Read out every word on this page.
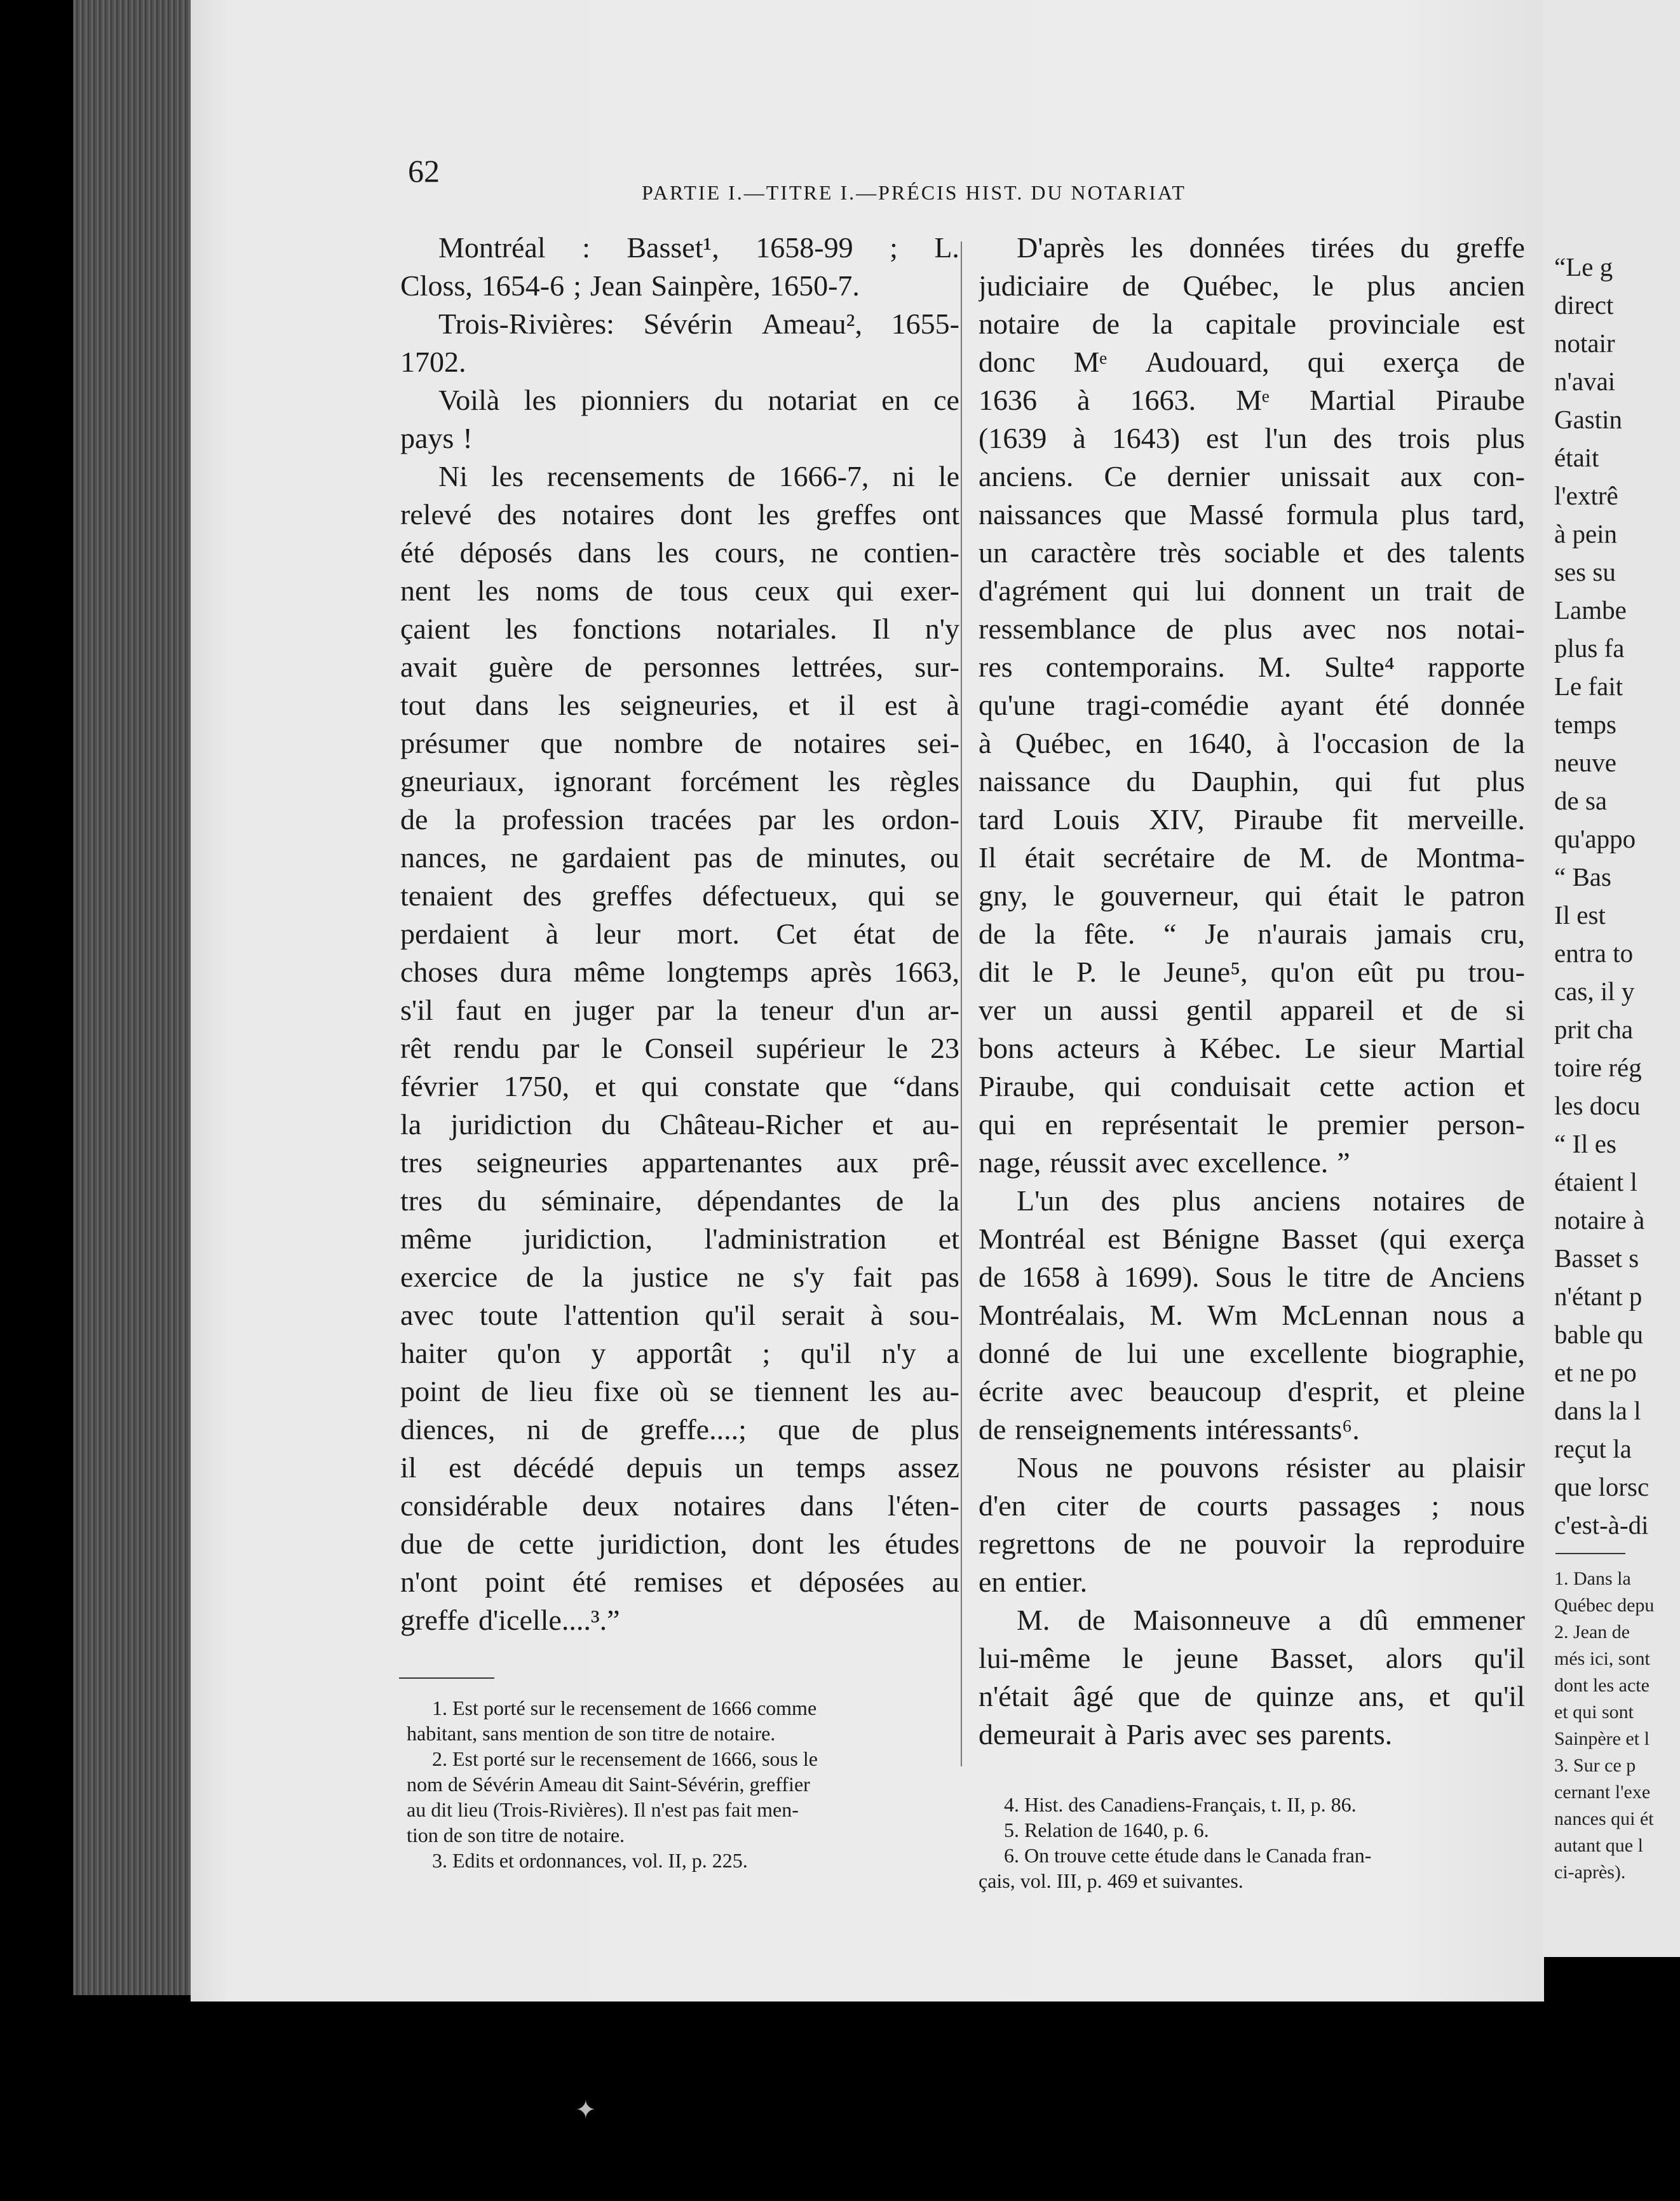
62
PARTIE I.—TITRE I.—PRÉCIS HIST. DU NOTARIAT
Montréal : Basset¹, 1658-99 ; L.
Closs, 1654-6 ; Jean Sainpère, 1650-7.
Trois-Rivières: Sévérin Ameau², 1655-
1702.
Voilà les pionniers du notariat en ce
pays !
Ni les recensements de 1666-7, ni le
relevé des notaires dont les greffes ont
été déposés dans les cours, ne contien-
nent les noms de tous ceux qui exer-
çaient les fonctions notariales. Il n'y
avait guère de personnes lettrées, sur-
tout dans les seigneuries, et il est à
présumer que nombre de notaires sei-
gneuriaux, ignorant forcément les règles
de la profession tracées par les ordon-
nances, ne gardaient pas de minutes, ou
tenaient des greffes défectueux, qui se
perdaient à leur mort. Cet état de
choses dura même longtemps après 1663,
s'il faut en juger par la teneur d'un ar-
rêt rendu par le Conseil supérieur le 23
février 1750, et qui constate que “dans
la juridiction du Château-Richer et au-
tres seigneuries appartenantes aux prê-
tres du séminaire, dépendantes de la
même juridiction, l'administration et
exercice de la justice ne s'y fait pas
avec toute l'attention qu'il serait à sou-
haiter qu'on y apportât ; qu'il n'y a
point de lieu fixe où se tiennent les au-
diences, ni de greffe....; que de plus
il est décédé depuis un temps assez
considérable deux notaires dans l'éten-
due de cette juridiction, dont les études
n'ont point été remises et déposées au
greffe d'icelle....³.”
D'après les données tirées du greffe
judiciaire de Québec, le plus ancien
notaire de la capitale provinciale est
donc Mᵉ Audouard, qui exerça de
1636 à 1663. Mᵉ Martial Piraube
(1639 à 1643) est l'un des trois plus
anciens. Ce dernier unissait aux con-
naissances que Massé formula plus tard,
un caractère très sociable et des talents
d'agrément qui lui donnent un trait de
ressemblance de plus avec nos notai-
res contemporains. M. Sulte⁴ rapporte
qu'une tragi-comédie ayant été donnée
à Québec, en 1640, à l'occasion de la
naissance du Dauphin, qui fut plus
tard Louis XIV, Piraube fit merveille.
Il était secrétaire de M. de Montma-
gny, le gouverneur, qui était le patron
de la fête. “ Je n'aurais jamais cru,
dit le P. le Jeune⁵, qu'on eût pu trou-
ver un aussi gentil appareil et de si
bons acteurs à Kébec. Le sieur Martial
Piraube, qui conduisait cette action et
qui en représentait le premier person-
nage, réussit avec excellence. ”
L'un des plus anciens notaires de
Montréal est Bénigne Basset (qui exerça
de 1658 à 1699). Sous le titre de Anciens
Montréalais, M. Wm McLennan nous a
donné de lui une excellente biographie,
écrite avec beaucoup d'esprit, et pleine
de renseignements intéressants⁶.
Nous ne pouvons résister au plaisir
d'en citer de courts passages ; nous
regrettons de ne pouvoir la reproduire
en entier.
M. de Maisonneuve a dû emmener
lui-même le jeune Basset, alors qu'il
n'était âgé que de quinze ans, et qu'il
demeurait à Paris avec ses parents.
1. Est porté sur le recensement de 1666 comme
habitant, sans mention de son titre de notaire.
2. Est porté sur le recensement de 1666, sous le
nom de Sévérin Ameau dit Saint-Sévérin, greffier
au dit lieu (Trois-Rivières). Il n'est pas fait men-
tion de son titre de notaire.
3. Edits et ordonnances, vol. II, p. 225.
4. Hist. des Canadiens-Français, t. II, p. 86.
5. Relation de 1640, p. 6.
6. On trouve cette étude dans le Canada fran-
çais, vol. III, p. 469 et suivantes.
“Le g
direct
notair
n'avai
Gastin
était
l'extrê
à pein
ses su
Lambe
plus fa
Le fait
temps
neuve
de sa
qu'appo
“ Bas
Il est
entra to
cas, il y
prit cha
toire rég
les docu
“ Il es
étaient l
notaire à
Basset s
n'étant p
bable qu
et ne po
dans la l
reçut la
que lorsc
c'est-à-di
1. Dans la
Québec depu
2. Jean de
més ici, sont
dont les acte
et qui sont
Sainpère et l
3. Sur ce p
cernant l'exe
nances qui ét
autant que l
ci-après).
✦
